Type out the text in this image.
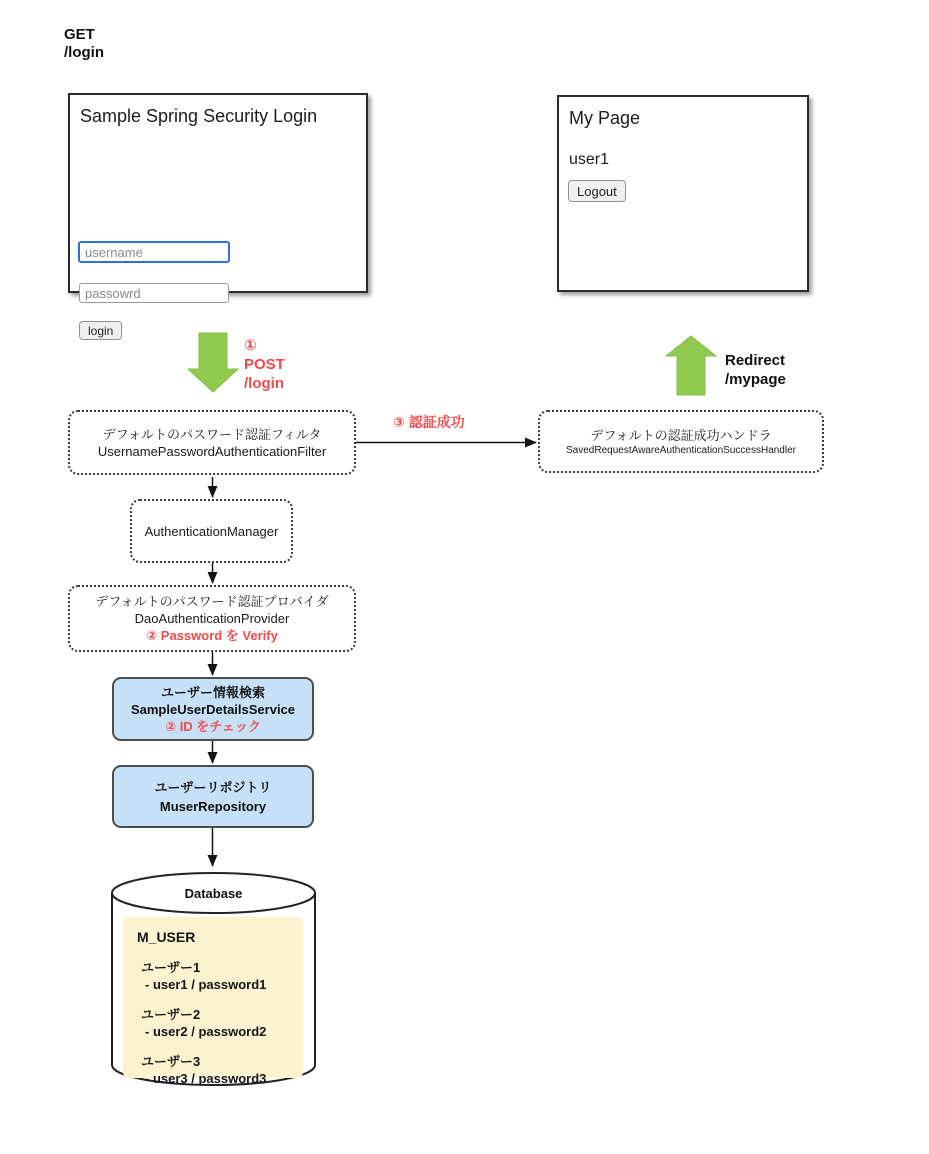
GET
/login
Sample Spring Security Login
username
passowrd
login
My Page
user1
Logout
①
POST
/login
Redirect
/mypage
③ 認証成功
デフォルトのパスワード認証フィルタ
UsernamePasswordAuthenticationFilter
デフォルトの認証成功ハンドラ
SavedRequestAwareAuthenticationSuccessHandler
AuthenticationManager
デフォルトのパスワード認証プロバイダ
DaoAuthenticationProvider
② Password を Verify
ユーザー情報検索
SampleUserDetailsService
② ID をチェック
ユーザーリポジトリ
MuserRepository
Database
M_USER
ユーザー1
- user1 / password1
ユーザー2
- user2 / password2
ユーザー3
- user3 / password3
